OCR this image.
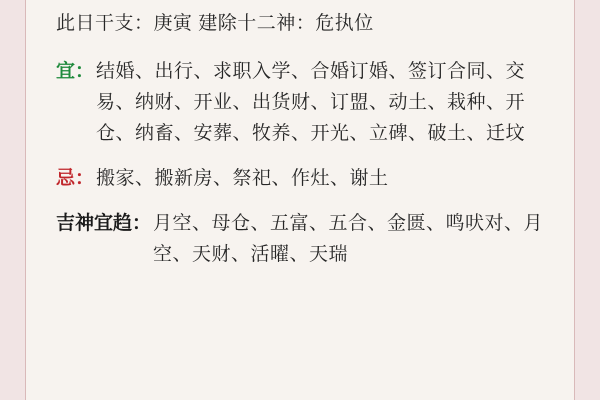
此日干支：庚寅 建除十二神：危执位
宜： 结婚、出行、求职入学、合婚订婚、签订合同、交易、纳财、开业、出货财、订盟、动土、栽种、开仓、纳畜、安葬、牧养、开光、立碑、破土、迁坟
忌： 搬家、搬新房、祭祀、作灶、谢土
吉神宜趋： 月空、母仓、五富、五合、金匮、鸣吠对、月空、天财、活曜、天瑞
